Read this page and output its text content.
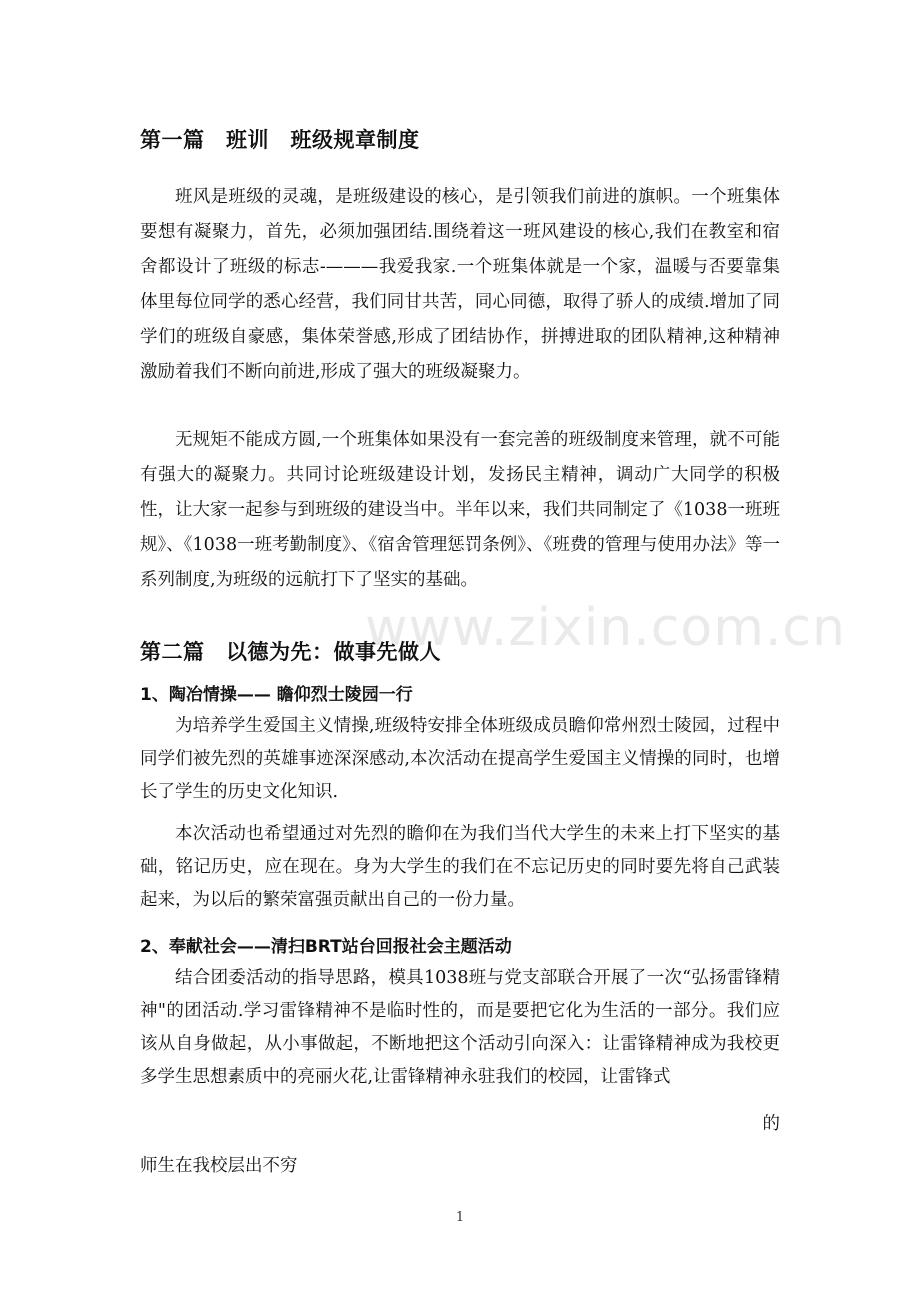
www.zixin.com.cn
第一篇　班训　班级规章制度

班风是班级的灵魂，是班级建设的核心，是引领我们前进的旗帜。一个班集体要想有凝聚力，首先，必须加强团结.围绕着这一班风建设的核心,我们在教室和宿舍都设计了班级的标志-———我爱我家.一个班集体就是一个家，温暖与否要靠集体里每位同学的悉心经营，我们同甘共苦，同心同德，取得了骄人的成绩.增加了同学们的班级自豪感，集体荣誉感,形成了团结协作，拼搏进取的团队精神,这种精神激励着我们不断向前进,形成了强大的班级凝聚力。

无规矩不能成方圆,一个班集体如果没有一套完善的班级制度来管理，就不可能有强大的凝聚力。共同讨论班级建设计划，发扬民主精神，调动广大同学的积极性，让大家一起参与到班级的建设当中。半年以来，我们共同制定了《1038一班班规》、《1038一班考勤制度》、《宿舍管理惩罚条例》、《班费的管理与使用办法》等一系列制度,为班级的远航打下了坚实的基础。

第二篇　以德为先：做事先做人
1、陶冶情操—— 瞻仰烈士陵园一行

为培养学生爱国主义情操,班级特安排全体班级成员瞻仰常州烈士陵园，过程中同学们被先烈的英雄事迹深深感动,本次活动在提高学生爱国主义情操的同时，也增长了学生的历史文化知识.

本次活动也希望通过对先烈的瞻仰在为我们当代大学生的未来上打下坚实的基础，铭记历史，应在现在。身为大学生的我们在不忘记历史的同时要先将自己武装起来，为以后的繁荣富强贡献出自己的一份力量。

2、奉献社会——清扫BRT站台回报社会主题活动

结合团委活动的指导思路，模具1038班与党支部联合开展了一次“弘扬雷锋精神"的团活动.学习雷锋精神不是临时性的，而是要把它化为生活的一部分。我们应该从自身做起，从小事做起，不断地把这个活动引向深入：让雷锋精神成为我校更多学生思想素质中的亮丽火花,让雷锋精神永驻我们的校园，让雷锋式

的
师生在我校层出不穷
1
